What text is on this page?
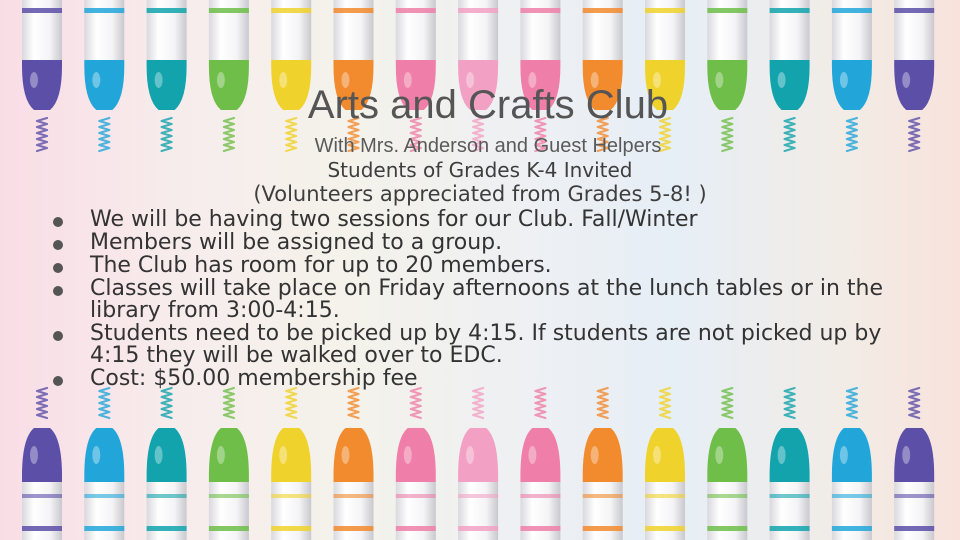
Arts and Crafts Club
With Mrs. Anderson and Guest Helpers
Students of Grades K-4 Invited
(Volunteers appreciated from Grades 5-8! )
We will be having two sessions for our Club. Fall/Winter
Members will be assigned to a group.
The Club has room for up to 20 members.
Classes will take place on Friday afternoons at the lunch tables or in the library from 3:00-4:15.
Students need to be picked up by 4:15. If students are not picked up by 4:15 they will be walked over to EDC.
Cost: $50.00 membership fee
